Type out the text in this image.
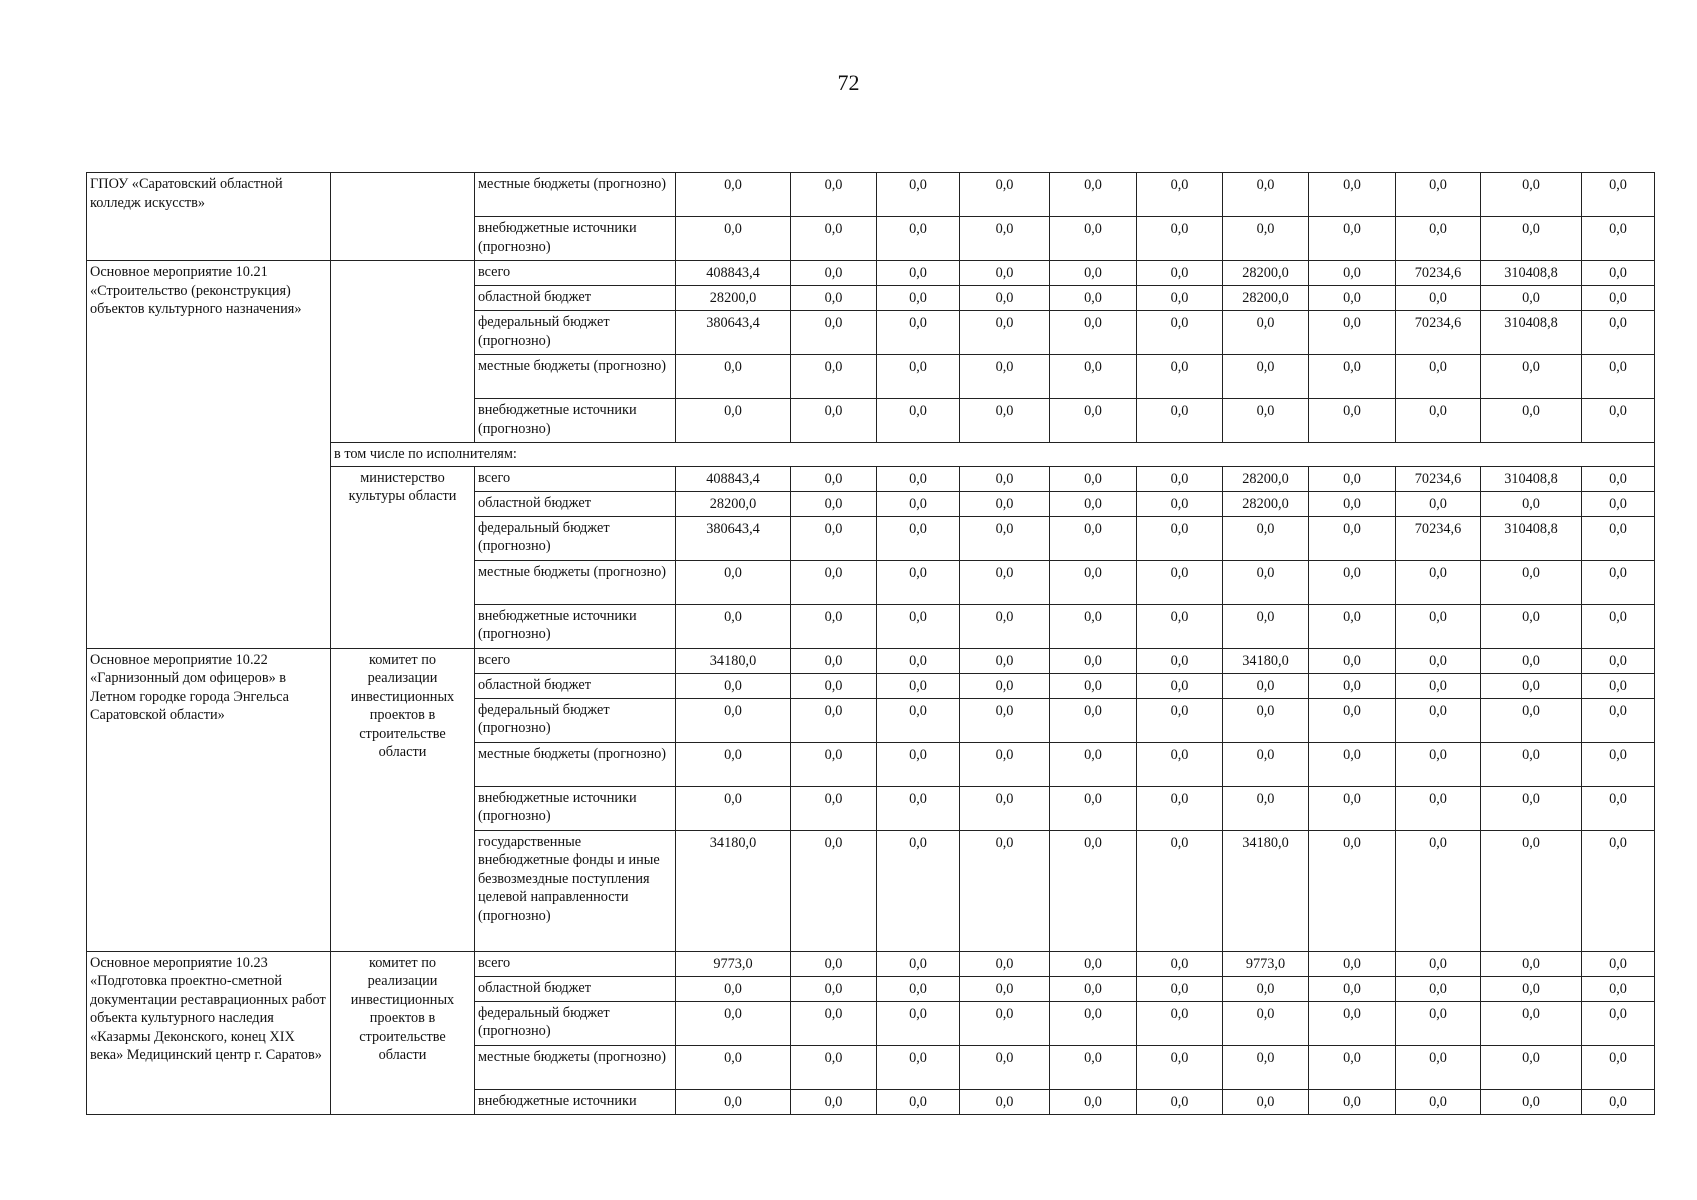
72
ГПОУ «Саратовский областной колледж искусств»		местные бюджеты (прогнозно)	0,0	0,0	0,0	0,0	0,0	0,0	0,0	0,0	0,0	0,0	0,0
		внебюджетные источники (прогнозно)	0,0	0,0	0,0	0,0	0,0	0,0	0,0	0,0	0,0	0,0	0,0
Основное мероприятие 10.21 «Строительство (реконструкция) объектов культурного назначения»		всего	408843,4	0,0	0,0	0,0	0,0	0,0	28200,0	0,0	70234,6	310408,8	0,0
		областной бюджет	28200,0	0,0	0,0	0,0	0,0	0,0	28200,0	0,0	0,0	0,0	0,0
		федеральный бюджет (прогнозно)	380643,4	0,0	0,0	0,0	0,0	0,0	0,0	0,0	70234,6	310408,8	0,0
		местные бюджеты (прогнозно)	0,0	0,0	0,0	0,0	0,0	0,0	0,0	0,0	0,0	0,0	0,0
		внебюджетные источники (прогнозно)	0,0	0,0	0,0	0,0	0,0	0,0	0,0	0,0	0,0	0,0	0,0
	в том числе по исполнителям:												
	министерство культуры области	всего	408843,4	0,0	0,0	0,0	0,0	0,0	28200,0	0,0	70234,6	310408,8	0,0
		областной бюджет	28200,0	0,0	0,0	0,0	0,0	0,0	28200,0	0,0	0,0	0,0	0,0
		федеральный бюджет (прогнозно)	380643,4	0,0	0,0	0,0	0,0	0,0	0,0	0,0	70234,6	310408,8	0,0
		местные бюджеты (прогнозно)	0,0	0,0	0,0	0,0	0,0	0,0	0,0	0,0	0,0	0,0	0,0
		внебюджетные источники (прогнозно)	0,0	0,0	0,0	0,0	0,0	0,0	0,0	0,0	0,0	0,0	0,0
Основное мероприятие 10.22 «Гарнизонный дом офицеров» в Летном городке города Энгельса Саратовской области»	комитет по реализации инвестиционных проектов в строительстве области	всего	34180,0	0,0	0,0	0,0	0,0	0,0	34180,0	0,0	0,0	0,0	0,0
		областной бюджет	0,0	0,0	0,0	0,0	0,0	0,0	0,0	0,0	0,0	0,0	0,0
		федеральный бюджет (прогнозно)	0,0	0,0	0,0	0,0	0,0	0,0	0,0	0,0	0,0	0,0	0,0
		местные бюджеты (прогнозно)	0,0	0,0	0,0	0,0	0,0	0,0	0,0	0,0	0,0	0,0	0,0
		внебюджетные источники (прогнозно)	0,0	0,0	0,0	0,0	0,0	0,0	0,0	0,0	0,0	0,0	0,0
		государственные внебюджетные фонды и иные безвозмездные поступления целевой направленности (прогнозно)	34180,0	0,0	0,0	0,0	0,0	0,0	34180,0	0,0	0,0	0,0	0,0
Основное мероприятие 10.23 «Подготовка проектно-сметной документации реставрационных работ объекта культурного наследия «Казармы Деконского, конец XIX века» Медицинский центр г. Саратов»	комитет по реализации инвестиционных проектов в строительстве области	всего	9773,0	0,0	0,0	0,0	0,0	0,0	9773,0	0,0	0,0	0,0	0,0
		областной бюджет	0,0	0,0	0,0	0,0	0,0	0,0	0,0	0,0	0,0	0,0	0,0
		федеральный бюджет (прогнозно)	0,0	0,0	0,0	0,0	0,0	0,0	0,0	0,0	0,0	0,0	0,0
		местные бюджеты (прогнозно)	0,0	0,0	0,0	0,0	0,0	0,0	0,0	0,0	0,0	0,0	0,0
		внебюджетные источники	0,0	0,0	0,0	0,0	0,0	0,0	0,0	0,0	0,0	0,0	0,0
